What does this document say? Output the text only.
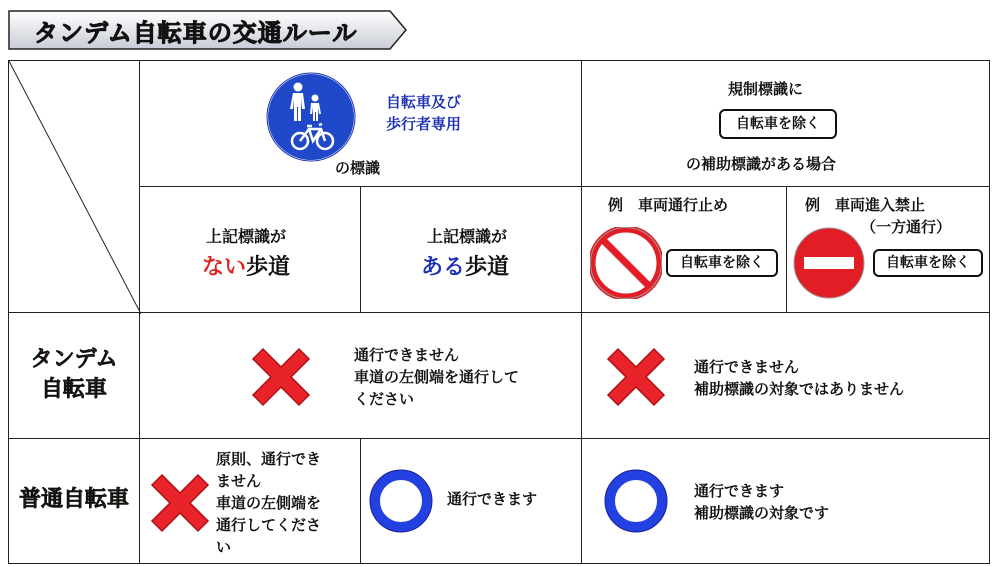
タンデム自転車の交通ルール
自転車及び
歩行者専用
の標識
規制標識に
自転車を除く
の補助標識がある場合
上記標識が
ない歩道
上記標識が
ある歩道
例　車両通行止め
自転車を除く
例　車両進入禁止
（一方通行）
自転車を除く
タンデム
自転車
通行できません
車道の左側端を通行して
ください
通行できません
補助標識の対象ではありません
普通自転車
原則、通行でき
ません
車道の左側端を
通行してくださ
い
通行できます	通行できます
補助標識の対象です
